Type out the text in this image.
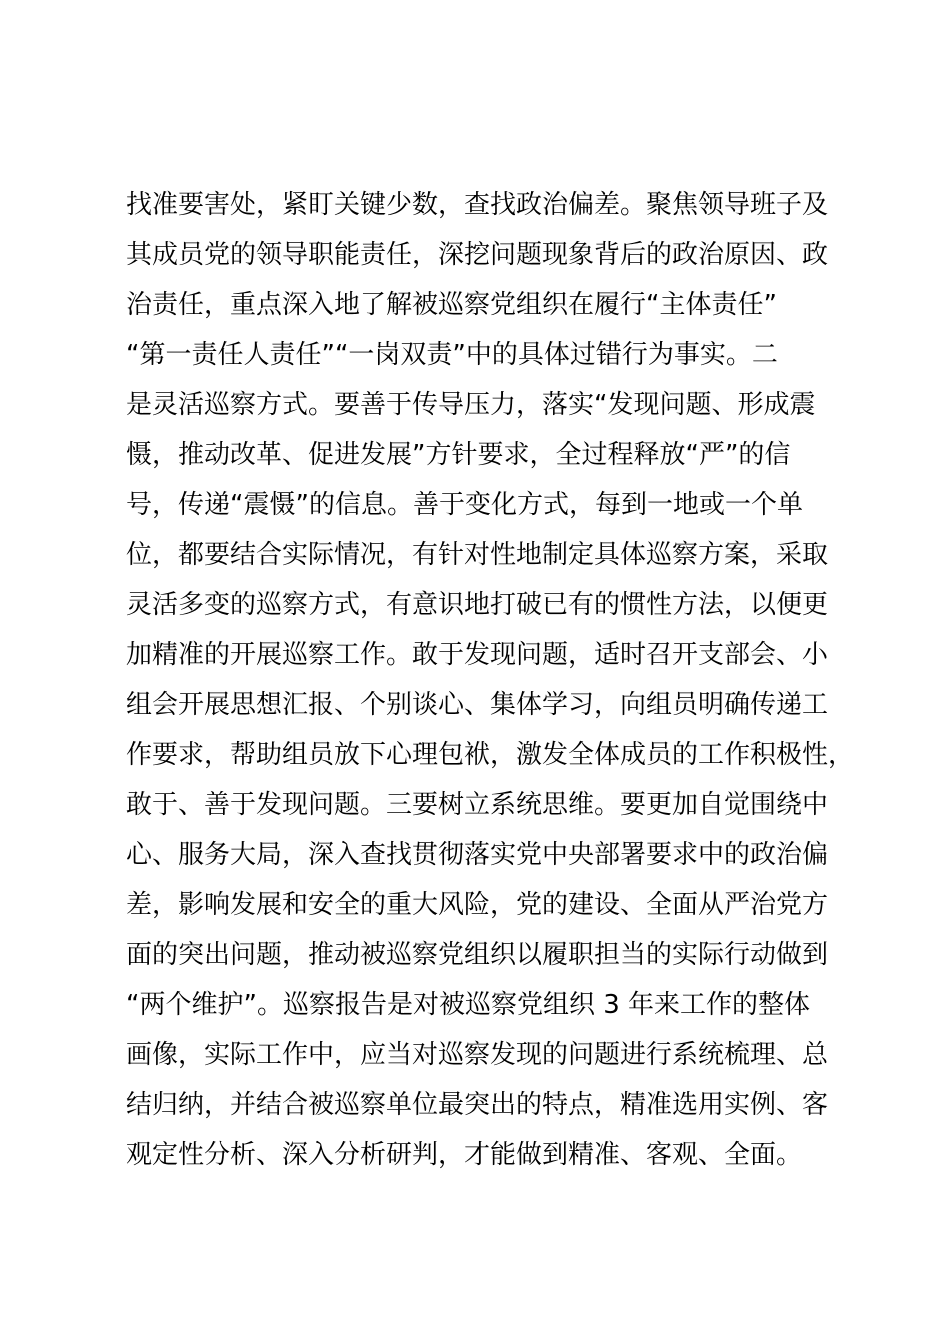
找准要害处，紧盯关键少数，查找政治偏差。聚焦领导班子及
其成员党的领导职能责任，深挖问题现象背后的政治原因、政
治责任，重点深入地了解被巡察党组织在履行“主体责任”
“第一责任人责任”“一岗双责”中的具体过错行为事实。二
是灵活巡察方式。要善于传导压力，落实“发现问题、形成震
慑，推动改革、促进发展”方针要求，全过程释放“严”的信
号，传递“震慑”的信息。善于变化方式，每到一地或一个单
位，都要结合实际情况，有针对性地制定具体巡察方案，采取
灵活多变的巡察方式，有意识地打破已有的惯性方法，以便更
加精准的开展巡察工作。敢于发现问题，适时召开支部会、小
组会开展思想汇报、个别谈心、集体学习，向组员明确传递工
作要求，帮助组员放下心理包袱，激发全体成员的工作积极性，
敢于、善于发现问题。三要树立系统思维。要更加自觉围绕中
心、服务大局，深入查找贯彻落实党中央部署要求中的政治偏
差，影响发展和安全的重大风险，党的建设、全面从严治党方
面的突出问题，推动被巡察党组织以履职担当的实际行动做到
“两个维护”。巡察报告是对被巡察党组织 3 年来工作的整体
画像，实际工作中，应当对巡察发现的问题进行系统梳理、总
结归纳，并结合被巡察单位最突出的特点，精准选用实例、客
观定性分析、深入分析研判，才能做到精准、客观、全面。
